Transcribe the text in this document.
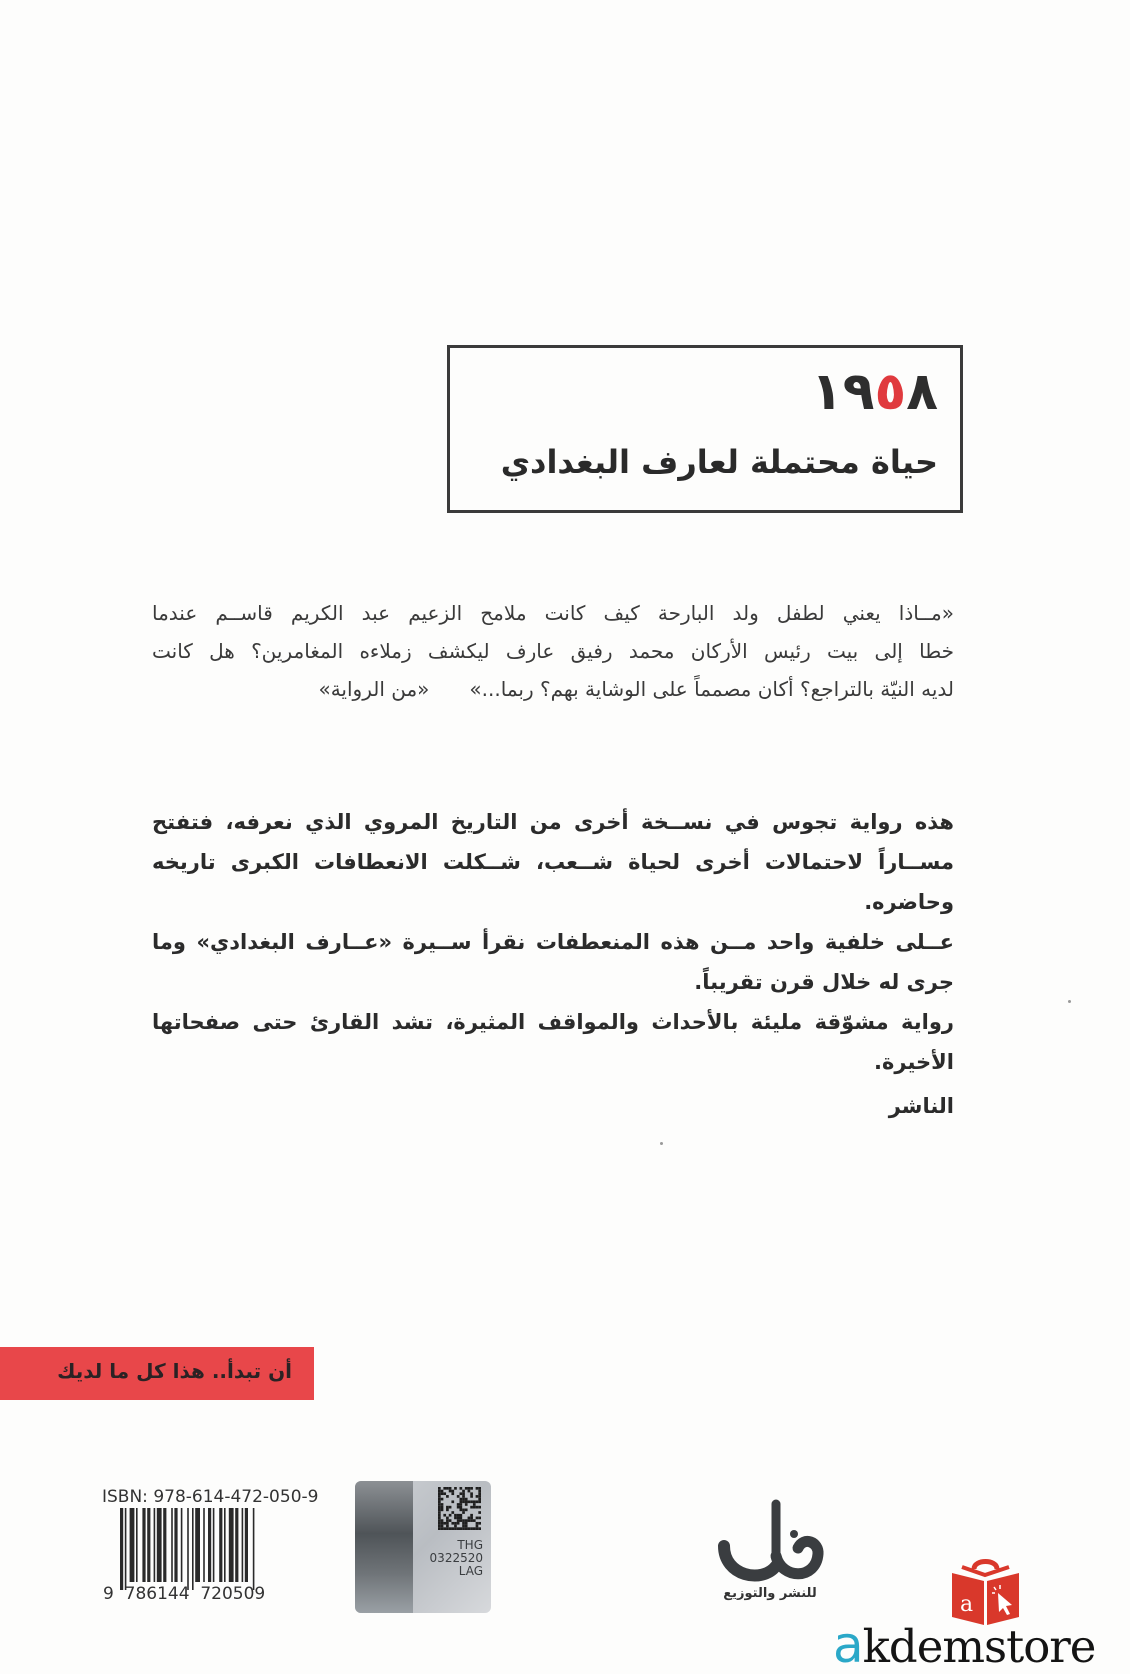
١٩٥٨
حياة محتملة لعارف البغدادي
«مــاذا يعني لطفل ولد البارحة كيف كانت ملامح الزعيم عبد الكريم قاســم عندما
خطا إلى بيت رئيس الأركان محمد رفيق عارف ليكشف زملاءه المغامرين؟ هل كانت
لديه النيّة بالتراجع؟ أكان مصمماً على الوشاية بهم؟ ربما...»«من الرواية»
هذه رواية تجوس في نســخة أخرى من التاريخ المروي الذي نعرفه، فتفتح
مســاراً لاحتمالات أخرى لحياة شــعب، شــكلت الانعطافات الكبرى تاريخه
وحاضره.
عــلى خلفية واحد مــن هذه المنعطفات نقرأ ســيرة «عــارف البغدادي» وما
جرى له خلال قرن تقريباً.
رواية مشوّقة مليئة بالأحداث والمواقف المثيرة، تشد القارئ حتى صفحاتها
الأخيرة.
الناشر
أن تبدأ.. هذا كل ما لديك
ISBN: 978-614-472-050-9
9  786144  720509
THG
0322520
LAG
للنشر والتوزيع	a
akdemstore
